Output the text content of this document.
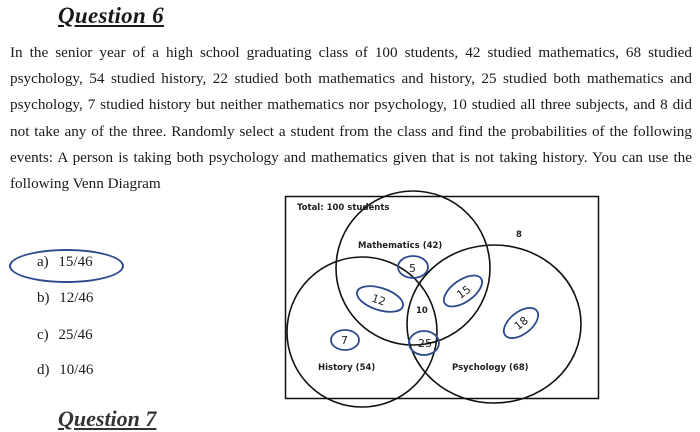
Question 6

In the senior year of a high school graduating class of 100 students, 42 studied mathematics, 68 studied psychology, 54 studied history, 22 studied both mathematics and history, 25 studied both mathematics and psychology, 7 studied history but neither mathematics nor psychology, 10 studied all three subjects, and 8 did not take any of the three. Randomly select a student from the class and find the probabilities of the following events: A person is taking both psychology and mathematics given that is not taking history. You can use the following Venn Diagram

Total: 100 students
Mathematics (42)
History (54)	Psychology (68)
8
5
12	15
10
7	25
18
a) 15/46
b) 12/46
c) 25/46
d) 10/46
Question 7
